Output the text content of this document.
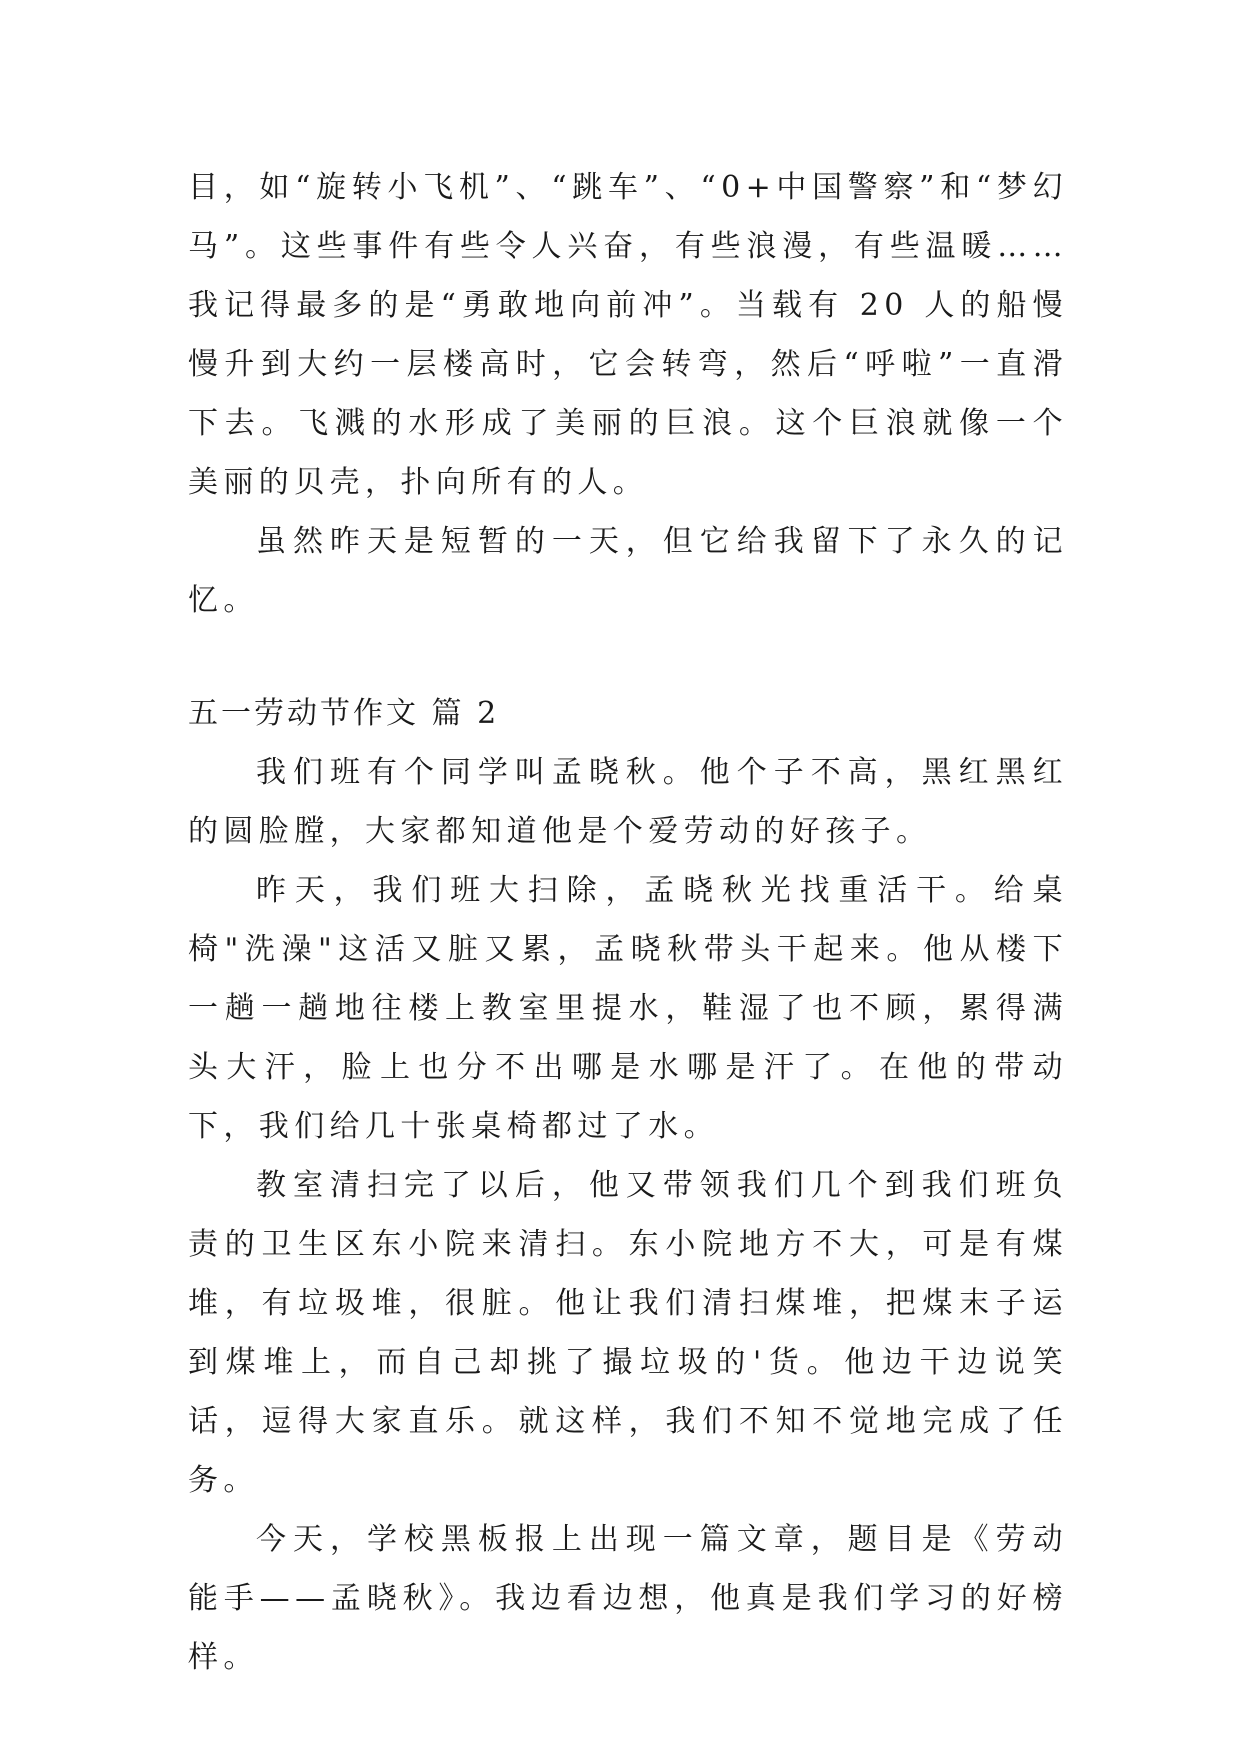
目，如“旋转小飞机”、“跳车”、“0+中国警察”和“梦幻马”。这些事件有些令人兴奋，有些浪漫，有些温暖……我记得最多的是“勇敢地向前冲”。当载有 20 人的船慢慢升到大约一层楼高时，它会转弯，然后“呼啦”一直滑下去。飞溅的水形成了美丽的巨浪。这个巨浪就像一个美丽的贝壳，扑向所有的人。

虽然昨天是短暂的一天，但它给我留下了永久的记忆。

五一劳动节作文 篇 2

我们班有个同学叫孟晓秋。他个子不高，黑红黑红的圆脸膛，大家都知道他是个爱劳动的好孩子。

昨天，我们班大扫除，孟晓秋光找重活干。给桌椅"洗澡"这活又脏又累，孟晓秋带头干起来。他从楼下一趟一趟地往楼上教室里提水，鞋湿了也不顾，累得满头大汗，脸上也分不出哪是水哪是汗了。在他的带动下，我们给几十张桌椅都过了水。

教室清扫完了以后，他又带领我们几个到我们班负责的卫生区东小院来清扫。东小院地方不大，可是有煤堆，有垃圾堆，很脏。他让我们清扫煤堆，把煤末子运到煤堆上，而自己却挑了撮垃圾的'货。他边干边说笑话，逗得大家直乐。就这样，我们不知不觉地完成了任务。

今天，学校黑板报上出现一篇文章，题目是《劳动能手——孟晓秋》。我边看边想，他真是我们学习的好榜样。
